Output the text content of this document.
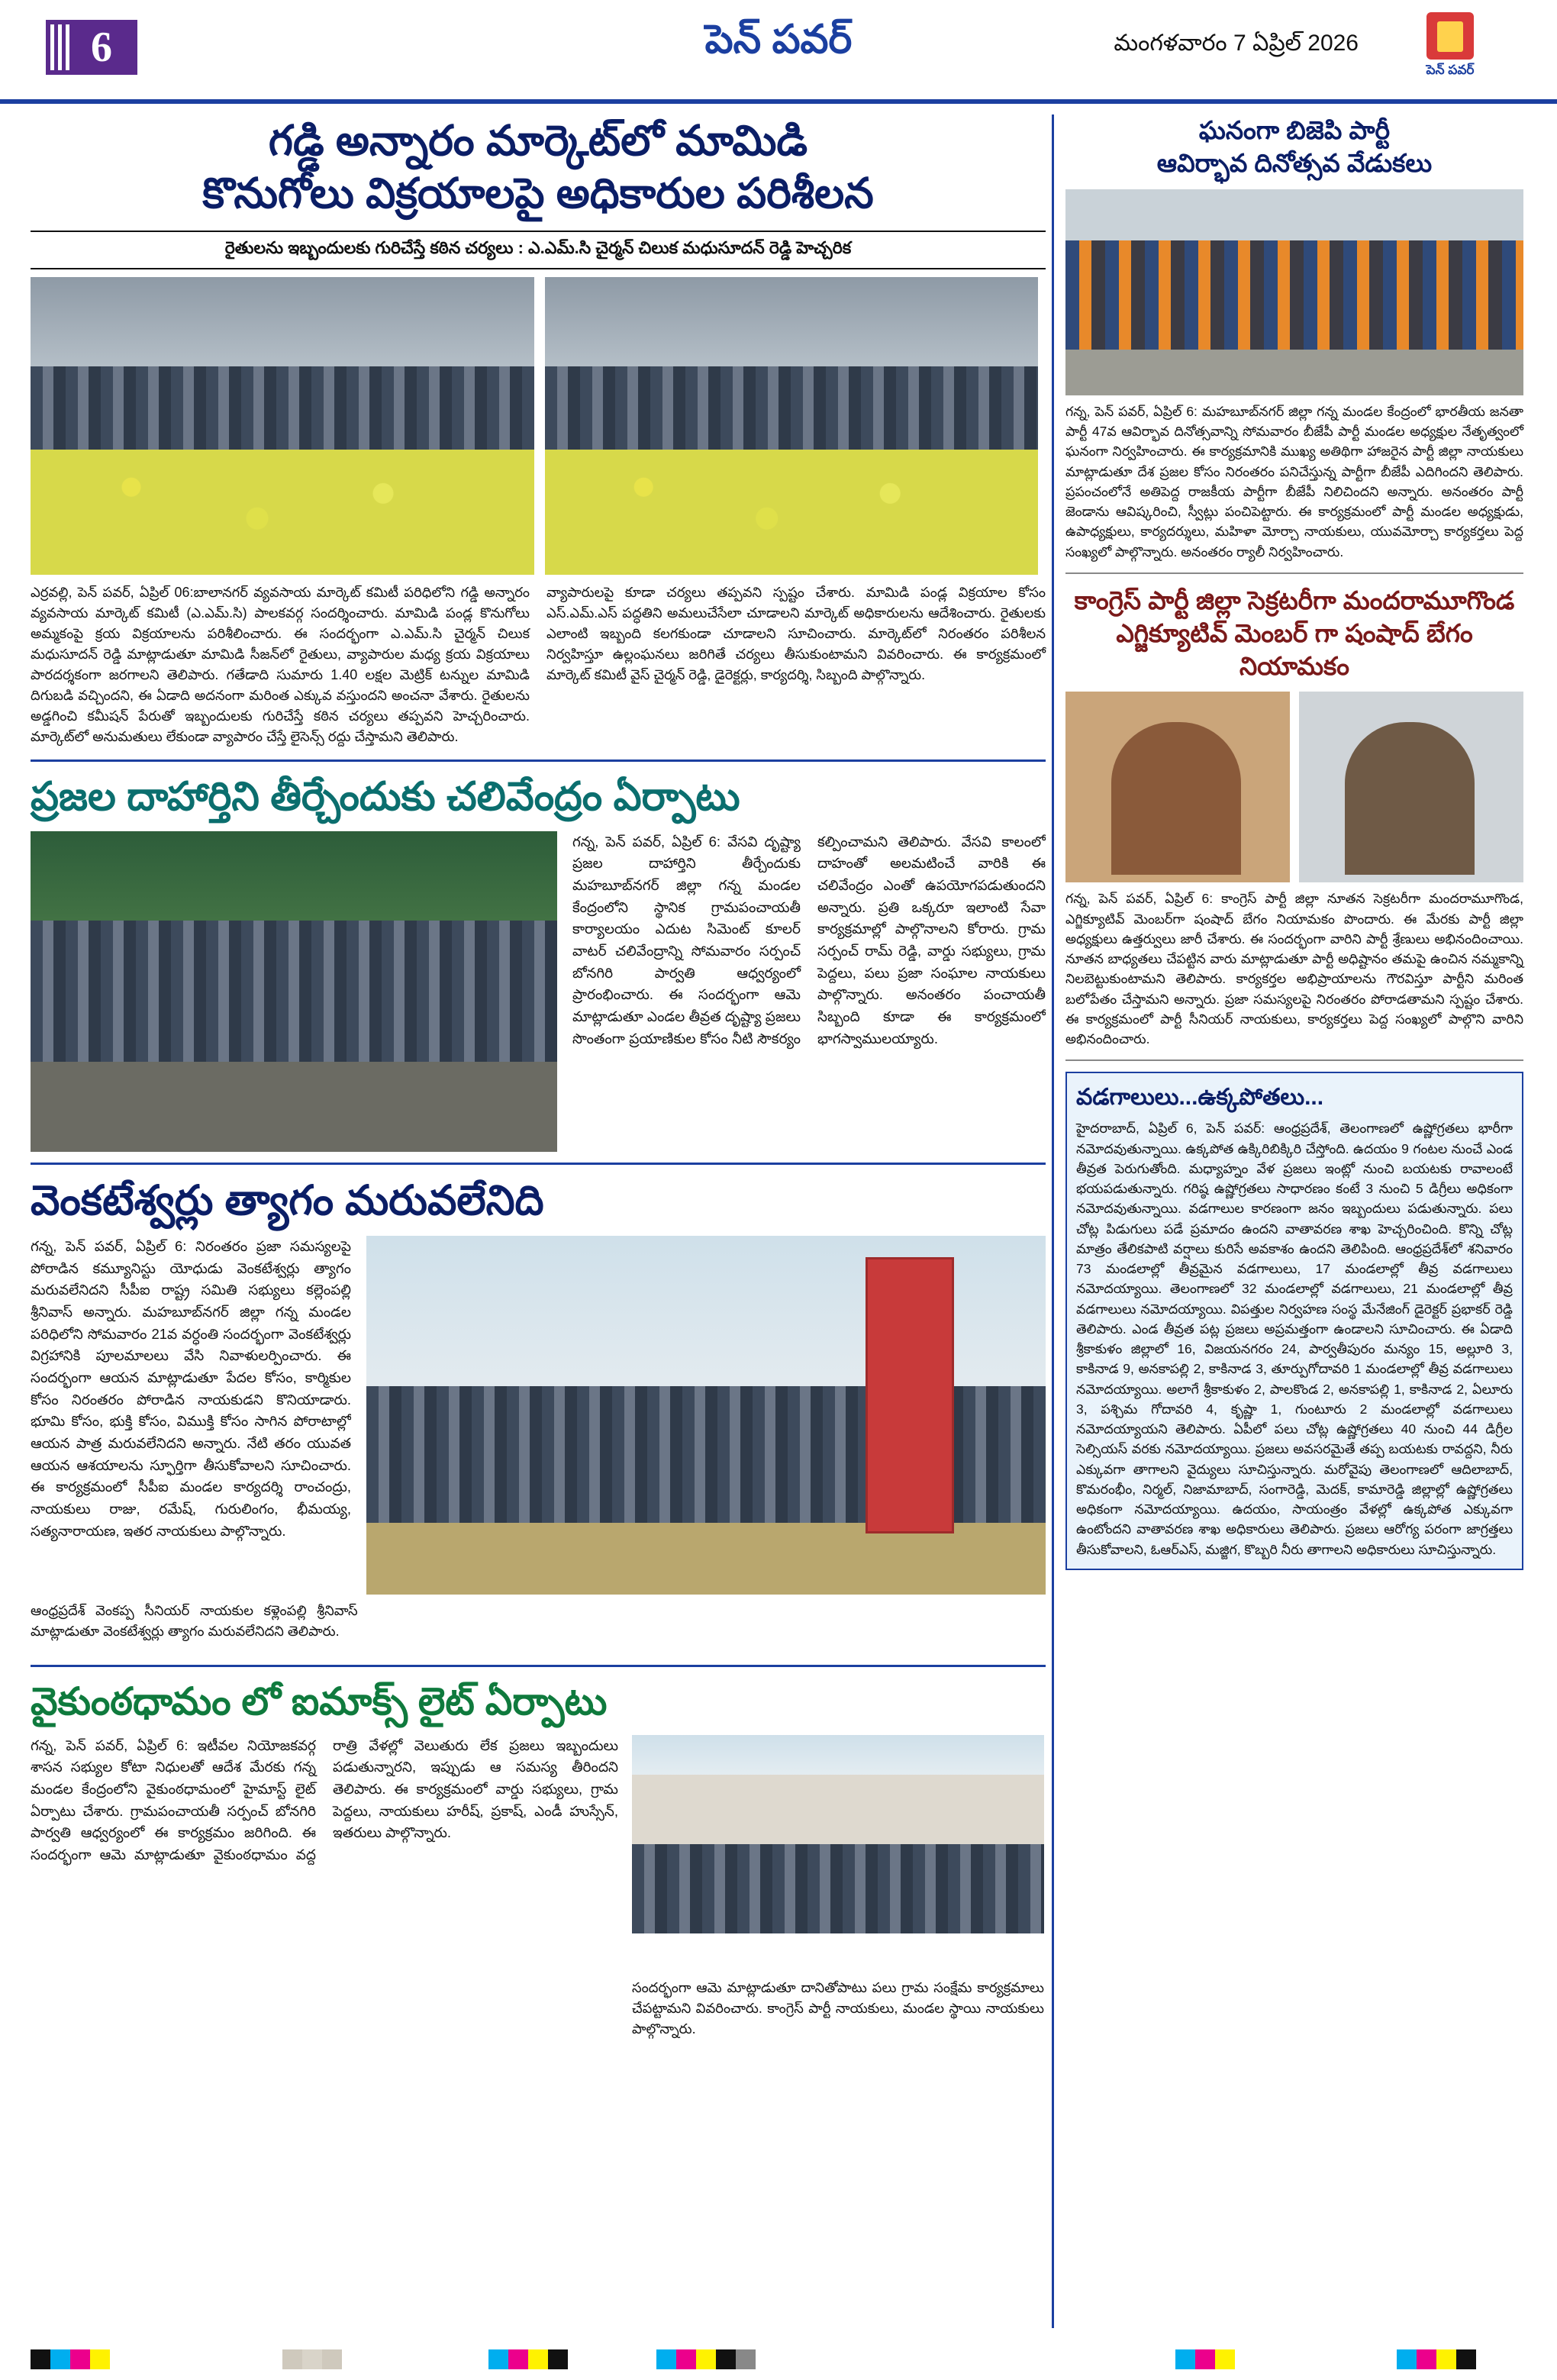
6	పెన్ పవర్	మంగళవారం 7 ఏప్రిల్ 2026
పెన్ పవర్
గడ్డి అన్నారం మార్కెట్‌లో మామిడి
కొనుగోలు విక్రయాలపై అధికారుల పరిశీలన
రైతులను ఇబ్బందులకు గురిచేస్తే కఠిన చర్యలు : ఎ.ఎమ్.సి చైర్మన్ చిలుక మధుసూదన్ రెడ్డి హెచ్చరిక
ఎర్రవల్లి, పెన్ పవర్, ఏప్రిల్ 06:బాలానగర్ వ్యవసాయ మార్కెట్ కమిటీ పరిధిలోని గడ్డి అన్నారం వ్యవసాయ మార్కెట్ కమిటీ (ఎ.ఎమ్.సి) పాలకవర్గ సందర్శించారు. మామిడి పండ్ల కొనుగోలు అమ్మకంపై క్రయ విక్రయాలను పరిశీలించారు. ఈ సందర్భంగా ఎ.ఎమ్.సి చైర్మన్ చిలుక మధుసూదన్ రెడ్డి మాట్లాడుతూ మామిడి సీజన్‌లో రైతులు, వ్యాపారుల మధ్య క్రయ విక్రయాలు పారదర్శకంగా జరగాలని తెలిపారు. గతేడాది సుమారు 1.40 లక్షల మెట్రిక్ టన్నుల మామిడి దిగుబడి వచ్చిందని, ఈ ఏడాది అదనంగా మరింత ఎక్కువ వస్తుందని అంచనా వేశారు. రైతులను అడ్డగించి కమీషన్ పేరుతో ఇబ్బందులకు గురిచేస్తే కఠిన చర్యలు తప్పవని హెచ్చరించారు. మార్కెట్‌లో అనుమతులు లేకుండా వ్యాపారం చేస్తే లైసెన్స్ రద్దు చేస్తామని తెలిపారు.
వ్యాపారులపై కూడా చర్యలు తప్పవని స్పష్టం చేశారు. మామిడి పండ్ల విక్రయాల కోసం ఎస్.ఎమ్.ఎస్ పద్ధతిని అమలుచేసేలా చూడాలని మార్కెట్ అధికారులను ఆదేశించారు. రైతులకు ఎలాంటి ఇబ్బంది కలగకుండా చూడాలని సూచించారు. మార్కెట్‌లో నిరంతరం పరిశీలన నిర్వహిస్తూ ఉల్లంఘనలు జరిగితే చర్యలు తీసుకుంటామని వివరించారు. ఈ కార్యక్రమంలో మార్కెట్ కమిటీ వైస్ చైర్మన్ రెడ్డి, డైరెక్టర్లు, కార్యదర్శి, సిబ్బంది పాల్గొన్నారు.
ప్రజల దాహార్తిని తీర్చేందుకు చలివేంద్రం ఏర్పాటు
గన్న, పెన్ పవర్, ఏప్రిల్ 6: వేసవి దృష్ట్యా ప్రజల దాహార్తిని తీర్చేందుకు మహబూబ్‌నగర్ జిల్లా గన్న మండల కేంద్రంలోని స్థానిక గ్రామపంచాయతీ కార్యాలయం ఎదుట సిమెంట్ కూలర్ వాటర్ చలివేంద్రాన్ని సోమవారం సర్పంచ్ బోనగిరి పార్వతి ఆధ్వర్యంలో ప్రారంభించారు. ఈ సందర్భంగా ఆమె మాట్లాడుతూ ఎండల తీవ్రత దృష్ట్యా ప్రజలు సొంతంగా ప్రయాణికుల కోసం నీటి సౌకర్యం కల్పించామని తెలిపారు. వేసవి కాలంలో దాహంతో అలమటించే వారికి ఈ చలివేంద్రం ఎంతో ఉపయోగపడుతుందని అన్నారు. ప్రతి ఒక్కరూ ఇలాంటి సేవా కార్యక్రమాల్లో పాల్గొనాలని కోరారు. గ్రామ సర్పంచ్ రామ్ రెడ్డి, వార్డు సభ్యులు, గ్రామ పెద్దలు, పలు ప్రజా సంఘాల నాయకులు పాల్గొన్నారు. అనంతరం పంచాయతీ సిబ్బంది కూడా ఈ కార్యక్రమంలో భాగస్వాములయ్యారు.
వెంకటేశ్వర్లు త్యాగం మరువలేనిది
గన్న, పెన్ పవర్, ఏప్రిల్ 6: నిరంతరం ప్రజా సమస్యలపై పోరాడిన కమ్యూనిస్టు యోధుడు వెంకటేశ్వర్లు త్యాగం మరువలేనిదని సీపీఐ రాష్ట్ర సమితి సభ్యులు కల్లెంపల్లి శ్రీనివాస్ అన్నారు. మహబూబ్‌నగర్ జిల్లా గన్న మండల పరిధిలోని సోమవారం 21వ వర్ధంతి సందర్భంగా వెంకటేశ్వర్లు విగ్రహానికి పూలమాలలు వేసి నివాళులర్పించారు. ఈ సందర్భంగా ఆయన మాట్లాడుతూ పేదల కోసం, కార్మికుల కోసం నిరంతరం పోరాడిన నాయకుడని కొనియాడారు. భూమి కోసం, భుక్తి కోసం, విముక్తి కోసం సాగిన పోరాటాల్లో ఆయన పాత్ర మరువలేనిదని అన్నారు. నేటి తరం యువత ఆయన ఆశయాలను స్ఫూర్తిగా తీసుకోవాలని సూచించారు. ఈ కార్యక్రమంలో సీపీఐ మండల కార్యదర్శి రాంచంద్రు, నాయకులు రాజు, రమేష్, గురులింగం, భీమయ్య, సత్యనారాయణ, ఇతర నాయకులు పాల్గొన్నారు.
ఆంధ్రప్రదేశ్ వెంకప్ప సీనియర్ నాయకుల కళ్లెంపల్లి శ్రీనివాస్ మాట్లాడుతూ వెంకటేశ్వర్లు త్యాగం మరువలేనిదని తెలిపారు.
వైకుంఠధామం లో ఐమాక్స్ లైట్ ఏర్పాటు
గన్న, పెన్ పవర్, ఏప్రిల్ 6: ఇటీవల నియోజకవర్గ శాసన సభ్యుల కోటా నిధులతో ఆదేశ మేరకు గన్న మండల కేంద్రంలోని వైకుంఠధామంలో హైమాస్ట్ లైట్ ఏర్పాటు చేశారు. గ్రామపంచాయతీ సర్పంచ్ బోనగిరి పార్వతి ఆధ్వర్యంలో ఈ కార్యక్రమం జరిగింది. ఈ సందర్భంగా ఆమె మాట్లాడుతూ వైకుంఠధామం వద్ద రాత్రి వేళల్లో వెలుతురు లేక ప్రజలు ఇబ్బందులు పడుతున్నారని, ఇప్పుడు ఆ సమస్య తీరిందని తెలిపారు. ఈ కార్యక్రమంలో వార్డు సభ్యులు, గ్రామ పెద్దలు, నాయకులు హరీష్, ప్రకాష్, ఎండీ హుస్సేన్, ఇతరులు పాల్గొన్నారు.
సందర్భంగా ఆమె మాట్లాడుతూ దానితోపాటు పలు గ్రామ సంక్షేమ కార్యక్రమాలు చేపట్టామని వివరించారు. కాంగ్రెస్ పార్టీ నాయకులు, మండల స్థాయి నాయకులు పాల్గొన్నారు.
ఘనంగా బిజెపి పార్టీ
ఆవిర్భావ దినోత్సవ వేడుకలు
గన్న, పెన్ పవర్, ఏప్రిల్ 6: మహబూబ్‌నగర్ జిల్లా గన్న మండల కేంద్రంలో భారతీయ జనతా పార్టీ 47వ ఆవిర్భావ దినోత్సవాన్ని సోమవారం బీజేపీ పార్టీ మండల అధ్యక్షుల నేతృత్వంలో ఘనంగా నిర్వహించారు. ఈ కార్యక్రమానికి ముఖ్య అతిథిగా హాజరైన పార్టీ జిల్లా నాయకులు మాట్లాడుతూ దేశ ప్రజల కోసం నిరంతరం పనిచేస్తున్న పార్టీగా బీజేపీ ఎదిగిందని తెలిపారు. ప్రపంచంలోనే అతిపెద్ద రాజకీయ పార్టీగా బీజేపీ నిలిచిందని అన్నారు. అనంతరం పార్టీ జెండాను ఆవిష్కరించి, స్వీట్లు పంచిపెట్టారు. ఈ కార్యక్రమంలో పార్టీ మండల అధ్యక్షుడు, ఉపాధ్యక్షులు, కార్యదర్శులు, మహిళా మోర్చా నాయకులు, యువమోర్చా కార్యకర్తలు పెద్ద సంఖ్యలో పాల్గొన్నారు. అనంతరం ర్యాలీ నిర్వహించారు.
కాంగ్రెస్ పార్టీ జిల్లా సెక్రటరీగా మందరామూగొండ
ఎగ్జిక్యూటివ్ మెంబర్ గా షంషాద్ బేగం నియామకం
గన్న, పెన్ పవర్, ఏప్రిల్ 6: కాంగ్రెస్ పార్టీ జిల్లా నూతన సెక్రటరీగా మందరామూగొండ, ఎగ్జిక్యూటివ్ మెంబర్‌గా షంషాద్ బేగం నియామకం పొందారు. ఈ మేరకు పార్టీ జిల్లా అధ్యక్షులు ఉత్తర్వులు జారీ చేశారు. ఈ సందర్భంగా వారిని పార్టీ శ్రేణులు అభినందించాయి. నూతన బాధ్యతలు చేపట్టిన వారు మాట్లాడుతూ పార్టీ అధిష్టానం తమపై ఉంచిన నమ్మకాన్ని నిలబెట్టుకుంటామని తెలిపారు. కార్యకర్తల అభిప్రాయాలను గౌరవిస్తూ పార్టీని మరింత బలోపేతం చేస్తామని అన్నారు. ప్రజా సమస్యలపై నిరంతరం పోరాడతామని స్పష్టం చేశారు. ఈ కార్యక్రమంలో పార్టీ సీనియర్ నాయకులు, కార్యకర్తలు పెద్ద సంఖ్యలో పాల్గొని వారిని అభినందించారు.
వడగాలులు...ఉక్కపోతలు...
హైదరాబాద్, ఏప్రిల్ 6, పెన్ పవర్: ఆంధ్రప్రదేశ్, తెలంగాణలో ఉష్ణోగ్రతలు భారీగా నమోదవుతున్నాయి. ఉక్కపోత ఉక్కిరిబిక్కిరి చేస్తోంది. ఉదయం 9 గంటల నుంచే ఎండ తీవ్రత పెరుగుతోంది. మధ్యాహ్నం వేళ ప్రజలు ఇంట్లో నుంచి బయటకు రావాలంటే భయపడుతున్నారు. గరిష్ఠ ఉష్ణోగ్రతలు సాధారణం కంటే 3 నుంచి 5 డిగ్రీలు అధికంగా నమోదవుతున్నాయి. వడగాలుల కారణంగా జనం ఇబ్బందులు పడుతున్నారు. పలు చోట్ల పిడుగులు పడే ప్రమాదం ఉందని వాతావరణ శాఖ హెచ్చరించింది. కొన్ని చోట్ల మాత్రం తేలికపాటి వర్షాలు కురిసే అవకాశం ఉందని తెలిపింది. ఆంధ్రప్రదేశ్‌లో శనివారం 73 మండలాల్లో తీవ్రమైన వడగాలులు, 17 మండలాల్లో తీవ్ర వడగాలులు నమోదయ్యాయి. తెలంగాణలో 32 మండలాల్లో వడగాలులు, 21 మండలాల్లో తీవ్ర వడగాలులు నమోదయ్యాయి. విపత్తుల నిర్వహణ సంస్థ మేనేజింగ్ డైరెక్టర్ ప్రభాకర్ రెడ్డి తెలిపారు. ఎండ తీవ్రత పట్ల ప్రజలు అప్రమత్తంగా ఉండాలని సూచించారు. ఈ ఏడాది శ్రీకాకుళం జిల్లాలో 16, విజయనగరం 24, పార్వతీపురం మన్యం 15, అల్లూరి 3, కాకినాడ 9, అనకాపల్లి 2, కాకినాడ 3, తూర్పుగోదావరి 1 మండలాల్లో తీవ్ర వడగాలులు నమోదయ్యాయి. అలాగే శ్రీకాకుళం 2, పాలకొండ 2, అనకాపల్లి 1, కాకినాడ 2, ఏలూరు 3, పశ్చిమ గోదావరి 4, కృష్ణా 1, గుంటూరు 2 మండలాల్లో వడగాలులు నమోదయ్యాయని తెలిపారు. ఏపీలో పలు చోట్ల ఉష్ణోగ్రతలు 40 నుంచి 44 డిగ్రీల సెల్సియస్ వరకు నమోదయ్యాయి. ప్రజలు అవసరమైతే తప్ప బయటకు రావద్దని, నీరు ఎక్కువగా తాగాలని వైద్యులు సూచిస్తున్నారు. మరోవైపు తెలంగాణలో ఆదిలాబాద్, కొమరంభీం, నిర్మల్, నిజామాబాద్, సంగారెడ్డి, మెదక్, కామారెడ్డి జిల్లాల్లో ఉష్ణోగ్రతలు అధికంగా నమోదయ్యాయి. ఉదయం, సాయంత్రం వేళల్లో ఉక్కపోత ఎక్కువగా ఉంటోందని వాతావరణ శాఖ అధికారులు తెలిపారు. ప్రజలు ఆరోగ్య పరంగా జాగ్రత్తలు తీసుకోవాలని, ఓఆర్ఎస్, మజ్జిగ, కొబ్బరి నీరు తాగాలని అధికారులు సూచిస్తున్నారు.
